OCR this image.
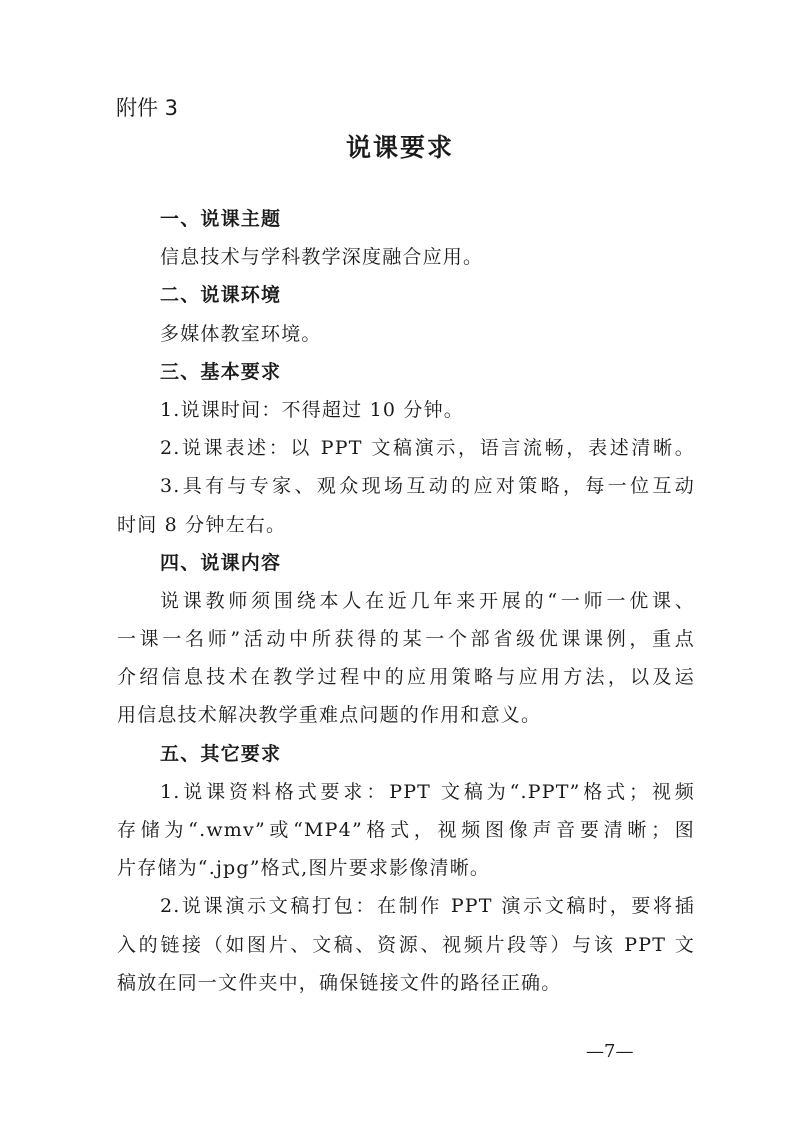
附件 3
说课要求
一、说课主题
信息技术与学科教学深度融合应用。
二、说课环境
多媒体教室环境。
三、基本要求
1.说课时间：不得超过 10 分钟。
2.说课表述：以 PPT 文稿演示，语言流畅，表述清晰。
3.具有与专家、观众现场互动的应对策略，每一位互动
时间 8 分钟左右。
四、说课内容
说课教师须围绕本人在近几年来开展的“一师一优课、
一课一名师”活动中所获得的某一个部省级优课课例，重点
介绍信息技术在教学过程中的应用策略与应用方法，以及运
用信息技术解决教学重难点问题的作用和意义。
五、其它要求
1.说课资料格式要求：PPT 文稿为“.PPT”格式；视频
存储为“.wmv”或“MP4”格式，视频图像声音要清晰；图
片存储为“.jpg”格式,图片要求影像清晰。
2.说课演示文稿打包：在制作 PPT 演示文稿时，要将插
入的链接（如图片、文稿、资源、视频片段等）与该 PPT 文
稿放在同一文件夹中，确保链接文件的路径正确。
—7—
